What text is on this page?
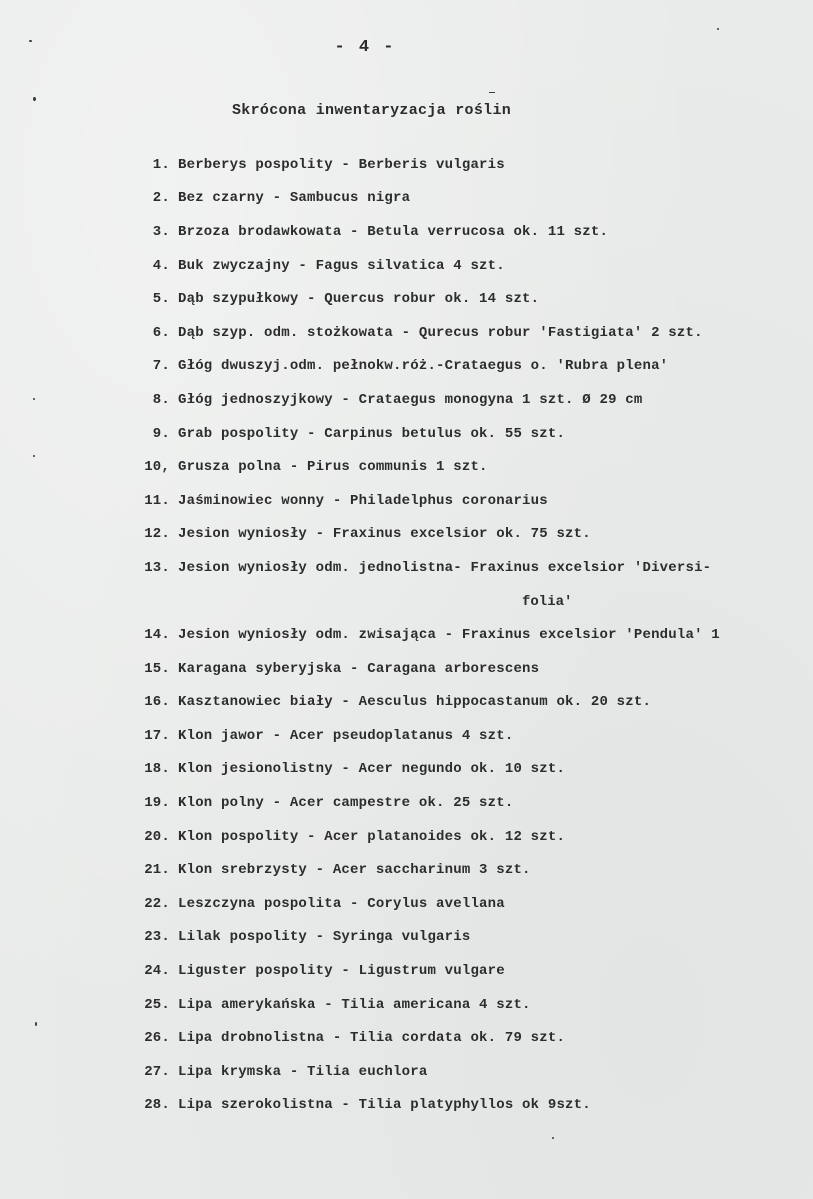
- 4 -
Skrócona inwentaryzacja roślin
1. Berberys pospolity - Berberis vulgaris
2. Bez czarny - Sambucus nigra
3. Brzoza brodawkowata - Betula verrucosa ok. 11 szt.
4. Buk zwyczajny - Fagus silvatica 4 szt.
5. Dąb szypułkowy - Quercus robur ok. 14 szt.
6. Dąb szyp. odm. stożkowata - Qurecus robur 'Fastigiata' 2 szt.
7. Głóg dwuszyj.odm. pełnokw.róż.-Crataegus o. 'Rubra plena'
8. Głóg jednoszyjkowy - Crataegus monogyna 1 szt. Ø 29 cm
9. Grab pospolity - Carpinus betulus ok. 55 szt.
10, Grusza polna - Pirus communis 1 szt.
11. Jaśminowiec wonny - Philadelphus coronarius
12. Jesion wyniosły - Fraxinus excelsior ok. 75 szt.
13. Jesion wyniosły odm. jednolistna- Fraxinus excelsior 'Diversi-
folia'
14. Jesion wyniosły odm. zwisająca - Fraxinus excelsior 'Pendula' 1
15. Karagana syberyjska - Caragana arborescens
16. Kasztanowiec biały - Aesculus hippocastanum ok. 20 szt.
17. Klon jawor - Acer pseudoplatanus 4 szt.
18. Klon jesionolistny - Acer negundo ok. 10 szt.
19. Klon polny - Acer campestre ok. 25 szt.
20. Klon pospolity - Acer platanoides ok. 12 szt.
21. Klon srebrzysty - Acer saccharinum 3 szt.
22. Leszczyna pospolita - Corylus avellana
23. Lilak pospolity - Syringa vulgaris
24. Liguster pospolity - Ligustrum vulgare
25. Lipa amerykańska - Tilia americana 4 szt.
26. Lipa drobnolistna - Tilia cordata ok. 79 szt.
27. Lipa krymska - Tilia euchlora
28. Lipa szerokolistna - Tilia platyphyllos ok 9szt.
